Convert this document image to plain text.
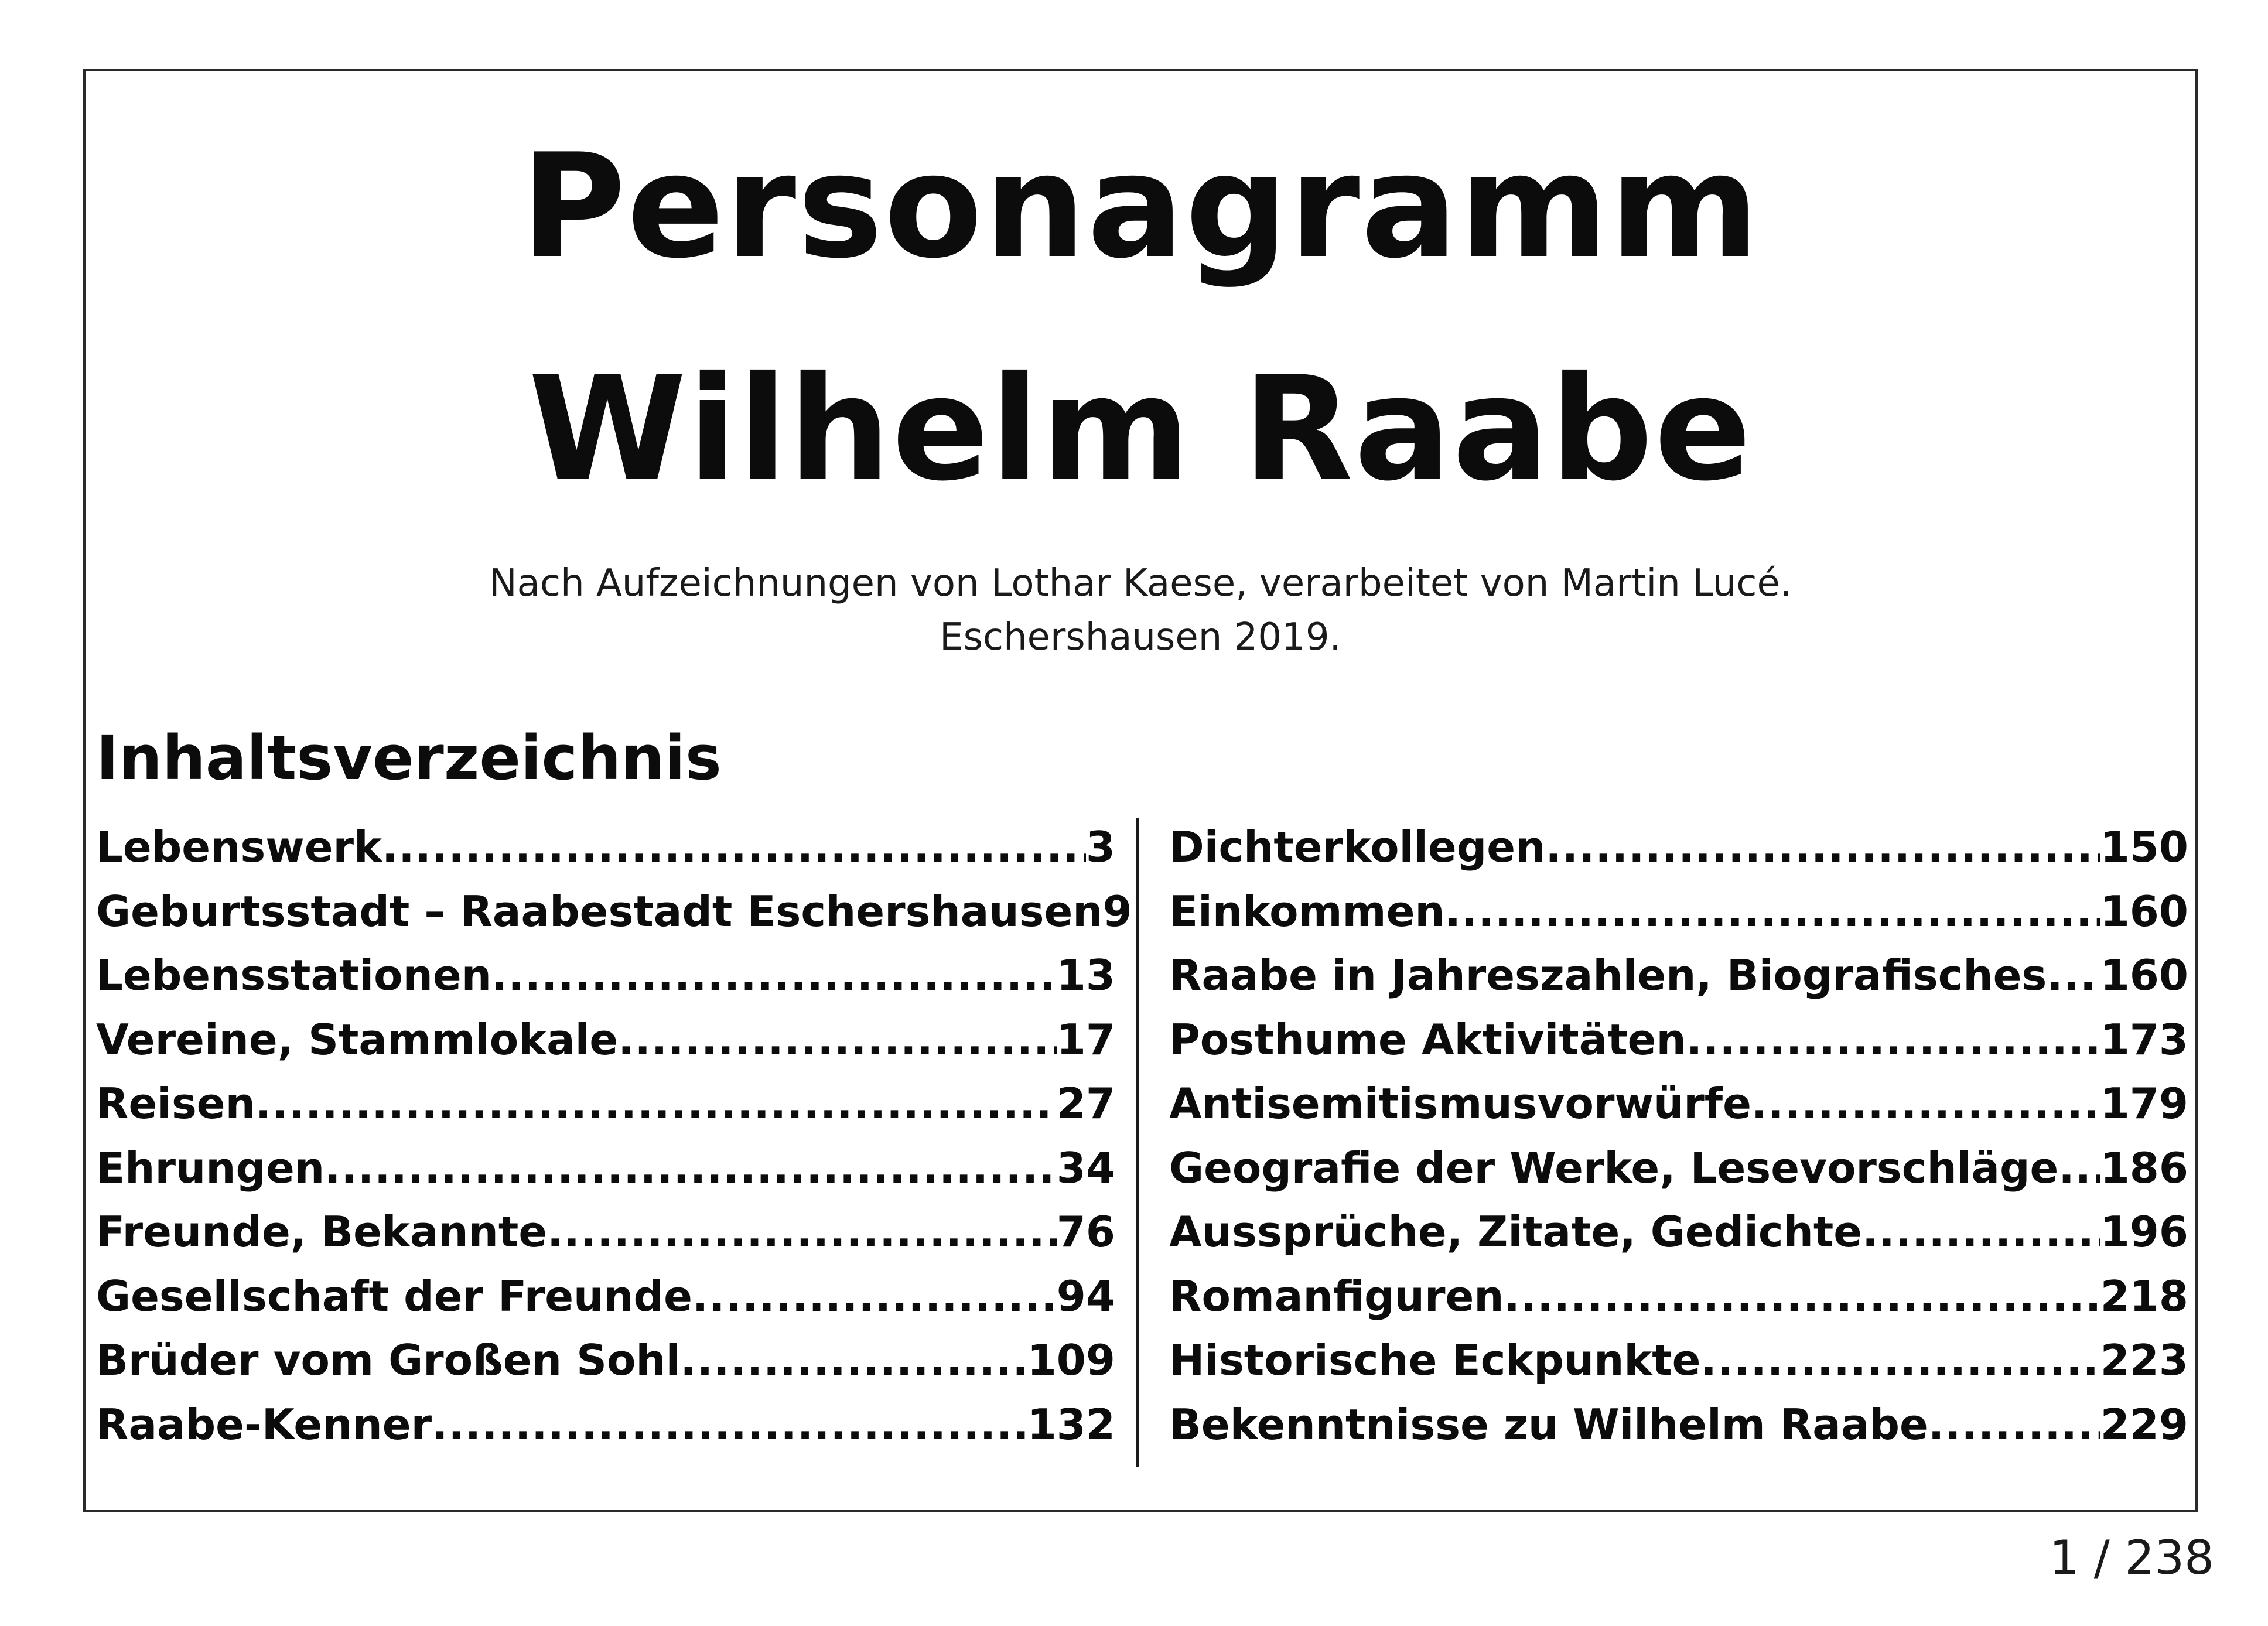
Personagramm
Wilhelm Raabe
Nach Aufzeichnungen von Lothar Kaese, verarbeitet von Martin Lucé.
Eschershausen 2019.
Inhaltsverzeichnis
Lebenswerk .....	3
Geburtsstadt – Raabestadt Eschershausen 9
Lebensstationen .....	13
Vereine, Stammlokale .....	17
Reisen .....	27
Ehrungen .....	34
Freunde, Bekannte .....	76
Gesellschaft der Freunde .....	94
Brüder vom Großen Sohl .....	109
Raabe-Kenner .....	132
Dichterkollegen .....	150
Einkommen .....	160
Raabe in Jahreszahlen, Biografisches ..... 160
Posthume Aktivitäten .....	173
Antisemitismusvorwürfe .....	179
Geografie der Werke, Lesevorschläge ..... 186
Aussprüche, Zitate, Gedichte .....	196
Romanfiguren .....	218
Historische Eckpunkte .....	223
Bekenntnisse zu Wilhelm Raabe .....	229
1 / 238
